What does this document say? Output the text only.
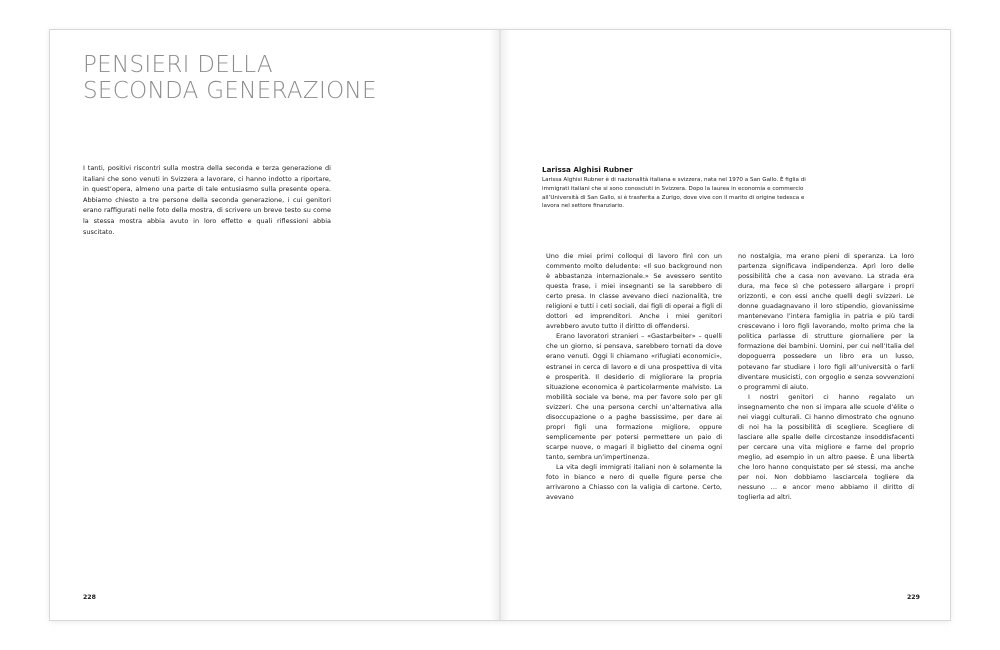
PENSIERI DELLA
SECONDA GENERAZIONE

I tanti, positivi riscontri sulla mostra della seconda e terza generazione di italiani che sono venuti in Svizzera a lavorare, ci hanno indotto a riportare, in quest’opera, almeno una parte di tale entusiasmo sulla presente opera. Abbiamo chiesto a tre persone della seconda generazione, i cui genitori erano raffigurati nelle foto della mostra, di scrivere un breve testo su come la stessa mostra abbia avuto in loro effetto e quali riflessioni abbia suscitato.

228

Larissa Alghisi Rubner

Larissa Alghisi Rubner è di nazionalità italiana e svizzera, nata nel 1970 a San Gallo. È figlia di immigrati italiani che si sono conosciuti in Svizzera. Dopo la laurea in economia e commercio all’Università di San Gallo, si è trasferita a Zurigo, dove vive con il marito di origine tedesca e lavora nel settore finanziario.

Uno die miei primi colloqui di lavoro finì con un commento molto deludente: «Il suo background non è abbastanza internazionale.» Se avessero sentito questa frase, i miei insegnanti se la sarebbero di certo presa. In classe avevano dieci nazionalità, tre religioni e tutti i ceti sociali, dai figli di operai a figli di dottori ed imprenditori. Anche i miei genitori avrebbero avuto tutto il diritto di offendersi.

Erano lavoratori stranieri – «Gastarbeiter» – quelli che un giorno, si pensava, sarebbero tornati da dove erano venuti. Oggi li chiamano «rifugiati economici», estranei in cerca di lavoro e di una prospettiva di vita e prosperità. Il desiderio di migliorare la propria situazione economica è particolarmente malvisto. La mobilità sociale va bene, ma per favore solo per gli svizzeri. Che una persona cerchi un’alternativa alla disoccupazione o a paghe bassissime, per dare ai propri figli una formazione migliore, oppure semplicemente per potersi permettere un paio di scarpe nuove, o magari il biglietto del cinema ogni tanto, sembra un’impertinenza.

La vita degli immigrati italiani non è solamente la foto in bianco e nero di quelle figure perse che arrivarono a Chiasso con la valigia di cartone. Certo, avevano

no nostalgia, ma erano pieni di speranza. La loro partenza significava indipendenza. Aprì loro delle possibilità che a casa non avevano. La strada era dura, ma fece sì che potessero allargare i propri orizzonti, e con essi anche quelli degli svizzeri. Le donne guadagnavano il loro stipendio, giovanissime mantenevano l’intera famiglia in patria e più tardi crescevano i loro figli lavorando, molto prima che la politica parlasse di strutture giornaliere per la formazione dei bambini. Uomini, per cui nell’Italia del dopoguerra possedere un libro era un lusso, potevano far studiare i loro figli all’università o farli diventare musicisti, con orgoglio e senza sovvenzioni o programmi di aiuto.

I nostri genitori ci hanno regalato un insegnamento che non si impara alle scuole d’élite o nei viaggi culturali. Ci hanno dimostrato che ognuno di noi ha la possibilità di scegliere. Scegliere di lasciare alle spalle delle circostanze insoddisfacenti per cercare una vita migliore e farne del proprio meglio, ad esempio in un altro paese. È una libertà che loro hanno conquistato per sé stessi, ma anche per noi. Non dobbiamo lasciarcela togliere da nessuno … e ancor meno abbiamo il diritto di toglierla ad altri.

229
